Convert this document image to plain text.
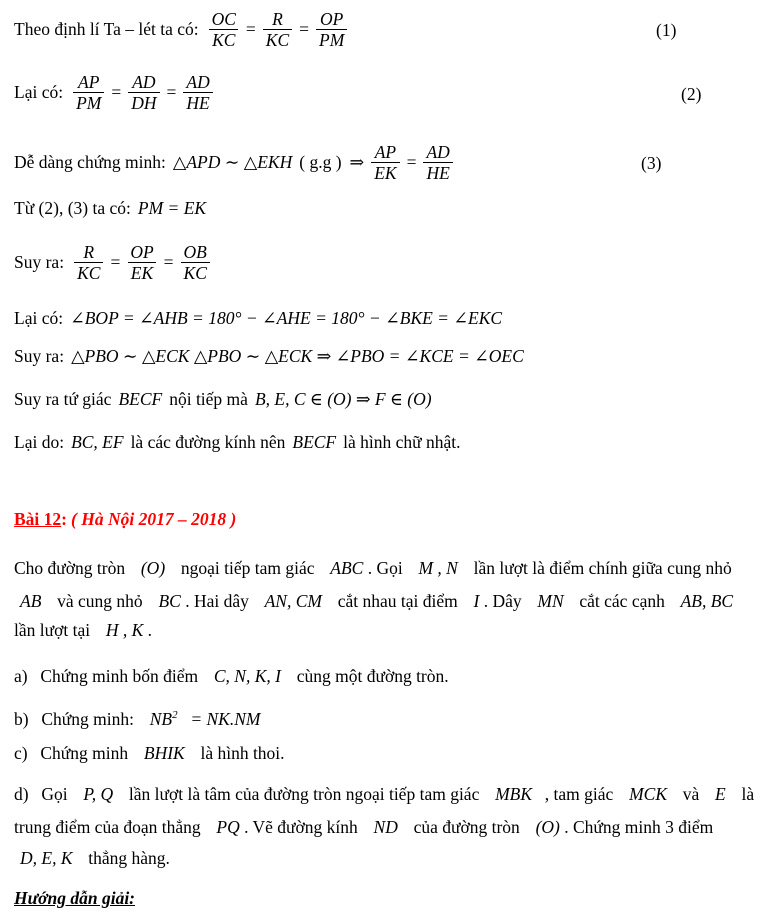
Theo định lí Ta – lét ta có: $\frac{OC}{KC} = \frac{R}{KC} = \frac{OP}{PM}$	(1)
Lại có: $\frac{AP}{PM} = \frac{AD}{DH} = \frac{AD}{HE}$	(2)
Dễ dàng chứng minh: △APD ∼ △EKH ( g.g ) ⇒ $\frac{AP}{EK} = \frac{AD}{HE}$	(3)
Từ (2), (3) ta có: PM = EK
Suy ra: $\frac{R}{KC} = \frac{OP}{EK} = \frac{OB}{KC}$
Lại có: ∠BOP = ∠AHB = 180° − ∠AHE = 180° − ∠BKE = ∠EKC
Suy ra: △PBO ∼ △ECK △PBO ∼ △ECK ⇒ ∠PBO = ∠KCE = ∠OEC
Suy ra tứ giác BECF nội tiếp mà B, E, C ∈ (O) ⇒ F ∈ (O)
Lại do: BC, EF là các đường kính nên BECF là hình chữ nhật.
Bài 12: ( Hà Nội 2017 – 2018 )
Cho đường tròn (O) ngoại tiếp tam giác ABC . Gọi M , N lần lượt là điểm chính giữa cung nhỏ
AB và cung nhỏ BC . Hai dây AN, CM cắt nhau tại điểm I . Dây MN cắt các cạnh AB, BC
lần lượt tại H , K .
a) Chứng minh bốn điểm C, N, K, I cùng một đường tròn.
b) Chứng minh: $NB^2 = NK.NM$
c) Chứng minh BHIK là hình thoi.
d) Gọi P, Q lần lượt là tâm của đường tròn ngoại tiếp tam giác MBK , tam giác MCK và E là
trung điểm của đoạn thẳng PQ . Vẽ đường kính ND của đường tròn (O) . Chứng minh 3 điểm
D, E, K thẳng hàng.
Hướng dẫn giải:
